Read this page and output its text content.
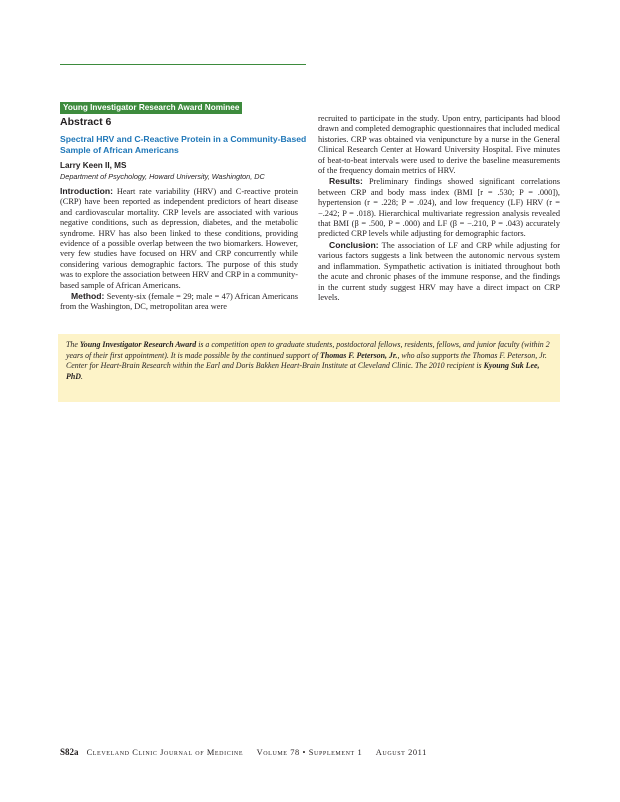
Young Investigator Research Award Nominee
Abstract 6
Spectral HRV and C-Reactive Protein in a Community-Based Sample of African Americans
Larry Keen II, MS
Department of Psychology, Howard University, Washington, DC

Introduction: Heart rate variability (HRV) and C-reactive protein (CRP) have been reported as independent predictors of heart disease and cardiovascular mortality. CRP levels are associated with various negative conditions, such as depression, diabetes, and the metabolic syndrome. HRV has also been linked to these conditions, providing evidence of a possible overlap between the two biomarkers. However, very few studies have focused on HRV and CRP concurrently while considering various demographic factors. The purpose of this study was to explore the association between HRV and CRP in a community-based sample of African Americans.

Method: Seventy-six (female = 29; male = 47) African Americans from the Washington, DC, metropolitan area were

recruited to participate in the study. Upon entry, participants had blood drawn and completed demographic questionnaires that included medical histories. CRP was obtained via venipuncture by a nurse in the General Clinical Research Center at Howard University Hospital. Five minutes of beat-to-beat intervals were used to derive the baseline measurements of the frequency domain metrics of HRV.

Results: Preliminary findings showed significant correlations between CRP and body mass index (BMI [r = .530; P = .000]), hypertension (r = .228; P = .024), and low frequency (LF) HRV (r = −.242; P = .018). Hierarchical multivariate regression analysis revealed that BMI (β = .500, P = .000) and LF (β = −.210, P = .043) accurately predicted CRP levels while adjusting for demographic factors.

Conclusion: The association of LF and CRP while adjusting for various factors suggests a link between the autonomic nervous system and inflammation. Sympathetic activation is initiated throughout both the acute and chronic phases of the immune response, and the findings in the current study suggest HRV may have a direct impact on CRP levels.

The Young Investigator Research Award is a competition open to graduate students, postdoctoral fellows, residents, fellows, and junior faculty (within 2 years of their first appointment). It is made possible by the continued support of Thomas F. Peterson, Jr., who also supports the Thomas F. Peterson, Jr. Center for Heart-Brain Research within the Earl and Doris Bakken Heart-Brain Institute at Cleveland Clinic. The 2010 recipient is Kyoung Suk Lee, PhD.

S82a Cleveland Clinic Journal of Medicine Volume 78 • Supplement 1 August 2011
